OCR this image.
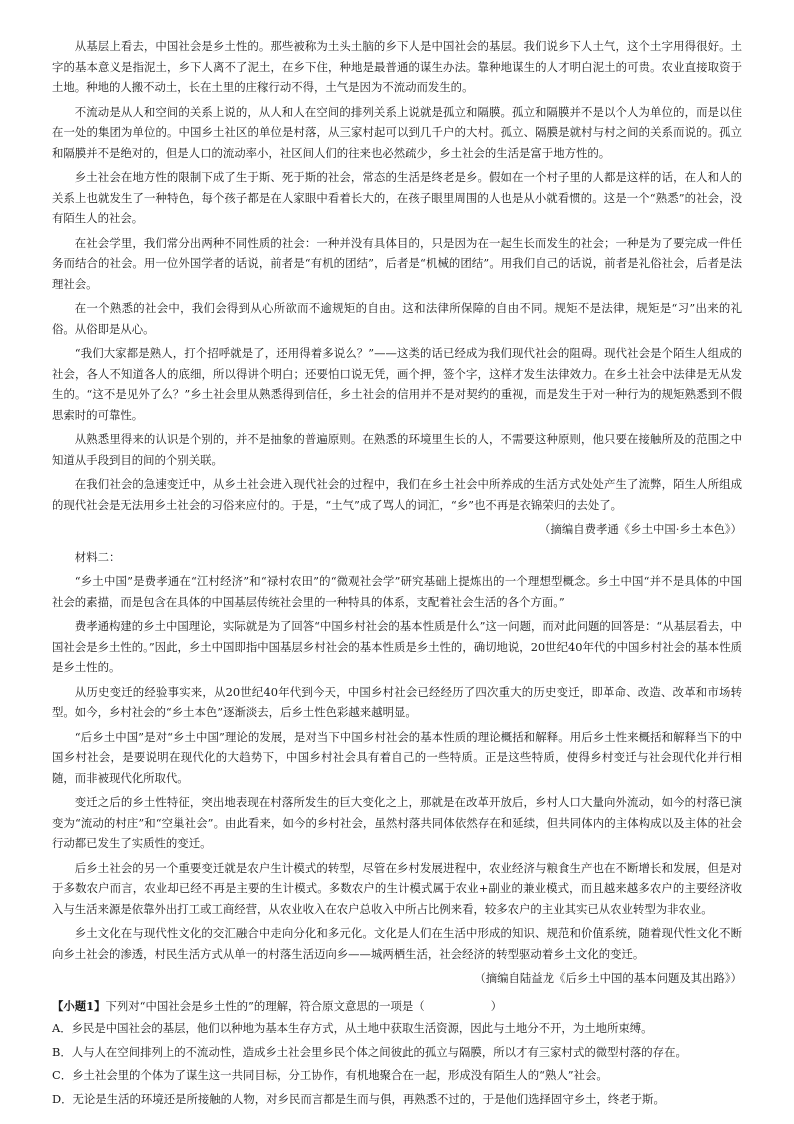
从基层上看去，中国社会是乡土性的。那些被称为土头土脑的乡下人是中国社会的基层。我们说乡下人土气，这个土字用得很好。土字的基本意义是指泥土，乡下人离不了泥土，在乡下住，种地是最普通的谋生办法。靠种地谋生的人才明白泥土的可贵。农业直接取资于土地。种地的人搬不动土，长在土里的庄稼行动不得，土气是因为不流动而发生的。

不流动是从人和空间的关系上说的，从人和人在空间的排列关系上说就是孤立和隔膜。孤立和隔膜并不是以个人为单位的，而是以住在一处的集团为单位的。中国乡土社区的单位是村落，从三家村起可以到几千户的大村。孤立、隔膜是就村与村之间的关系而说的。孤立和隔膜并不是绝对的，但是人口的流动率小，社区间人们的往来也必然疏少，乡土社会的生活是富于地方性的。

乡土社会在地方性的限制下成了生于斯、死于斯的社会，常态的生活是终老是乡。假如在一个村子里的人都是这样的话，在人和人的关系上也就发生了一种特色，每个孩子都是在人家眼中看着长大的，在孩子眼里周围的人也是从小就看惯的。这是一个“熟悉”的社会，没有陌生人的社会。

在社会学里，我们常分出两种不同性质的社会：一种并没有具体目的，只是因为在一起生长而发生的社会；一种是为了要完成一件任务而结合的社会。用一位外国学者的话说，前者是“有机的团结”，后者是“机械的团结”。用我们自己的话说，前者是礼俗社会，后者是法理社会。

在一个熟悉的社会中，我们会得到从心所欲而不逾规矩的自由。这和法律所保障的自由不同。规矩不是法律，规矩是“习”出来的礼俗。从俗即是从心。

“我们大家都是熟人，打个招呼就是了，还用得着多说么？”——这类的话已经成为我们现代社会的阻碍。现代社会是个陌生人组成的社会，各人不知道各人的底细，所以得讲个明白；还要怕口说无凭，画个押，签个字，这样才发生法律效力。在乡土社会中法律是无从发生的。“这不是见外了么？”乡土社会里从熟悉得到信任，乡土社会的信用并不是对契约的重视，而是发生于对一种行为的规矩熟悉到不假思索时的可靠性。

从熟悉里得来的认识是个别的，并不是抽象的普遍原则。在熟悉的环境里生长的人，不需要这种原则，他只要在接触所及的范围之中知道从手段到目的间的个别关联。

在我们社会的急速变迁中，从乡土社会进入现代社会的过程中，我们在乡土社会中所养成的生活方式处处产生了流弊，陌生人所组成的现代社会是无法用乡土社会的习俗来应付的。于是，“土气”成了骂人的词汇，“乡”也不再是衣锦荣归的去处了。

（摘编自费孝通《乡土中国·乡土本色》）

材料二：

“乡土中国”是费孝通在“江村经济”和“禄村农田”的“微观社会学”研究基础上提炼出的一个理想型概念。乡土中国“并不是具体的中国社会的素描，而是包含在具体的中国基层传统社会里的一种特具的体系，支配着社会生活的各个方面。”

费孝通构建的乡土中国理论，实际就是为了回答“中国乡村社会的基本性质是什么”这一问题，而对此问题的回答是：“从基层看去，中国社会是乡土性的。”因此，乡土中国即指中国基层乡村社会的基本性质是乡土性的，确切地说，20世纪40年代的中国乡村社会的基本性质是乡土性的。

从历史变迁的经验事实来，从20世纪40年代到今天，中国乡村社会已经经历了四次重大的历史变迁，即革命、改造、改革和市场转型。如今，乡村社会的“乡土本色”逐渐淡去，后乡土性色彩越来越明显。

“后乡土中国”是对“乡土中国”理论的发展，是对当下中国乡村社会的基本性质的理论概括和解释。用后乡土性来概括和解释当下的中国乡村社会，是要说明在现代化的大趋势下，中国乡村社会具有着自己的一些特质。正是这些特质，使得乡村变迁与社会现代化并行相随，而非被现代化所取代。

变迁之后的乡土性特征，突出地表现在村落所发生的巨大变化之上，那就是在改革开放后，乡村人口大量向外流动，如今的村落已演变为“流动的村庄”和“空巢社会”。由此看来，如今的乡村社会，虽然村落共同体依然存在和延续，但共同体内的主体构成以及主体的社会行动都已发生了实质性的变迁。

后乡土社会的另一个重要变迁就是农户生计模式的转型，尽管在乡村发展进程中，农业经济与粮食生产也在不断增长和发展，但是对于多数农户而言，农业却已经不再是主要的生计模式。多数农户的生计模式属于农业+副业的兼业模式，而且越来越多农户的主要经济收入与生活来源是依靠外出打工或工商经营，从农业收入在农户总收入中所占比例来看，较多农户的主业其实已从农业转型为非农业。

乡土文化在与现代性文化的交汇融合中走向分化和多元化。文化是人们在生活中形成的知识、规范和价值系统，随着现代性文化不断向乡土社会的渗透，村民生活方式从单一的村落生活迈向乡——城两栖生活，社会经济的转型驱动着乡土文化的变迁。

（摘编自陆益龙《后乡土中国的基本问题及其出路》）

【小题1】下列对“中国社会是乡土性的”的理解，符合原文意思的一项是（	）

A．乡民是中国社会的基层，他们以种地为基本生存方式，从土地中获取生活资源，因此与土地分不开，为土地所束缚。

B．人与人在空间排列上的不流动性，造成乡土社会里乡民个体之间彼此的孤立与隔膜，所以才有三家村式的微型村落的存在。

C．乡土社会里的个体为了谋生这一共同目标，分工协作，有机地聚合在一起，形成没有陌生人的“熟人”社会。

D．无论是生活的环境还是所接触的人物，对乡民而言都是生而与俱，再熟悉不过的，于是他们选择固守乡土，终老于斯。
